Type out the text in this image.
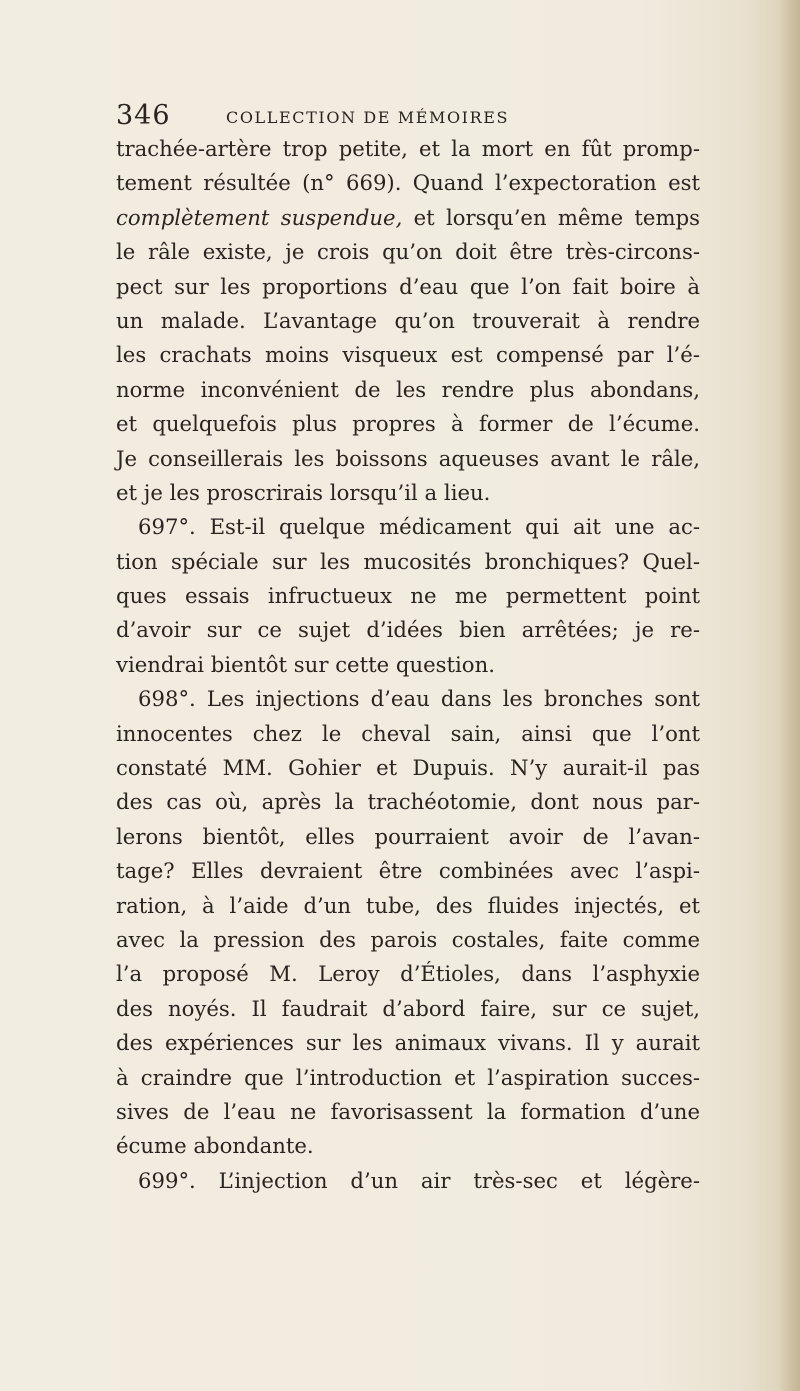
346	COLLECTION DE MÉMOIRES
trachée-artère trop petite, et la mort en fût promp-
tement résultée (n° 669). Quand l’expectoration est
complètement suspendue, et lorsqu’en même temps
le râle existe, je crois qu’on doit être très-circons-
pect sur les proportions d’eau que l’on fait boire à
un malade. L’avantage qu’on trouverait à rendre
les crachats moins visqueux est compensé par l’é-
norme inconvénient de les rendre plus abondans,
et quelquefois plus propres à former de l’écume.
Je conseillerais les boissons aqueuses avant le râle,
et je les proscrirais lorsqu’il a lieu.
697°. Est-il quelque médicament qui ait une ac-
tion spéciale sur les mucosités bronchiques? Quel-
ques essais infructueux ne me permettent point
d’avoir sur ce sujet d’idées bien arrêtées; je re-
viendrai bientôt sur cette question.
698°. Les injections d’eau dans les bronches sont
innocentes chez le cheval sain, ainsi que l’ont
constaté MM. Gohier et Dupuis. N’y aurait-il pas
des cas où, après la trachéotomie, dont nous par-
lerons bientôt, elles pourraient avoir de l’avan-
tage? Elles devraient être combinées avec l’aspi-
ration, à l’aide d’un tube, des fluides injectés, et
avec la pression des parois costales, faite comme
l’a proposé M. Leroy d’Étioles, dans l’asphyxie
des noyés. Il faudrait d’abord faire, sur ce sujet,
des expériences sur les animaux vivans. Il y aurait
à craindre que l’introduction et l’aspiration succes-
sives de l’eau ne favorisassent la formation d’une
écume abondante.
699°. L’injection d’un air très-sec et légère-
